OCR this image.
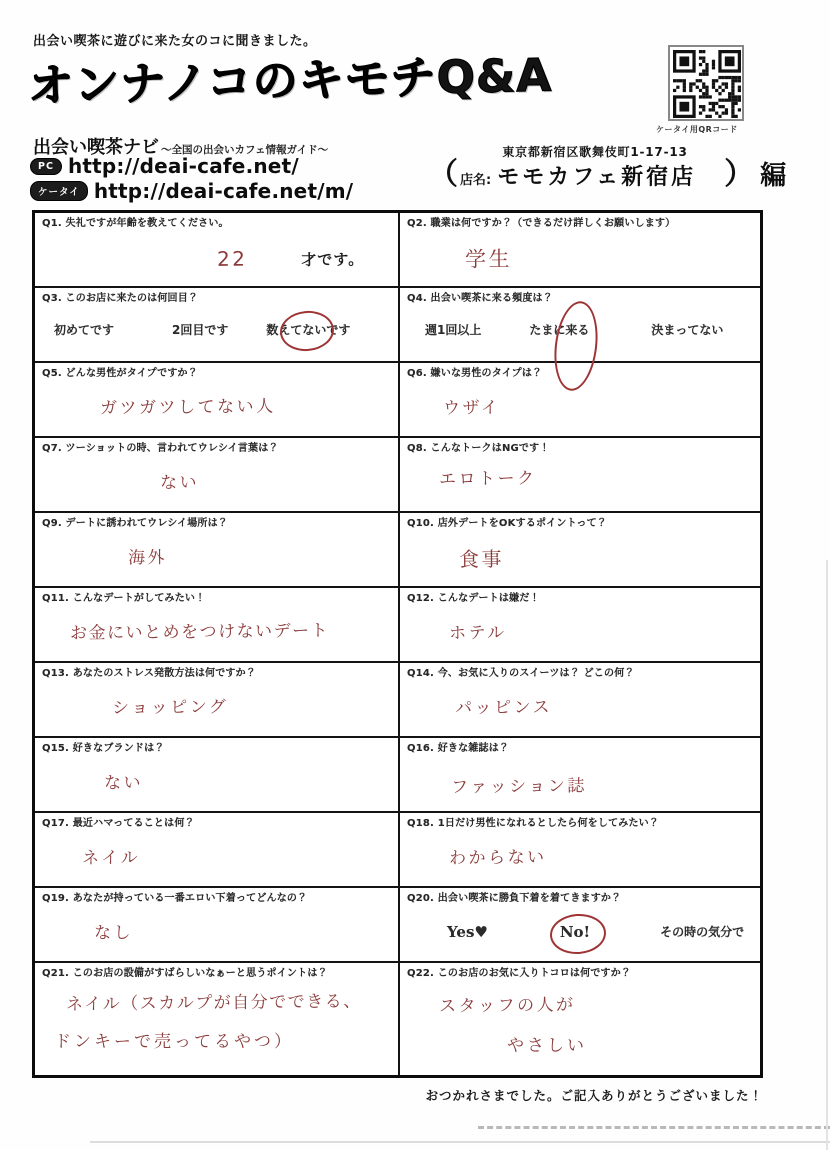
出会い喫茶に遊びに来た女のコに聞きました。
オンナノコのキモチQ&A
出会い喫茶ナビ ～全国の出会いカフェ情報ガイド～
PC http://deai-cafe.net/
ケータイ http://deai-cafe.net/m/
東京都新宿区歌舞伎町1-17-13
（ 店名: モモカフェ新宿店 ） 編
ケータイ用QRコード
Q1. 失礼ですが年齢を教えてください。
22	才です。
Q2. 職業は何ですか？（できるだけ詳しくお願いします）
学生
Q3. このお店に来たのは何回目？
初めてです	2回目です	数えてないです
Q4. 出会い喫茶に来る頻度は？
週1回以上	たまに来る	決まってない
Q5. どんな男性がタイプですか？
ガツガツしてない人
Q6. 嫌いな男性のタイプは？
ウザイ
Q7. ツーショットの時、言われてウレシイ言葉は？
ない
Q8. こんなトークはNGです！
エロトーク
Q9. デートに誘われてウレシイ場所は？
海外
Q10. 店外デートをOKするポイントって？
食事
Q11. こんなデートがしてみたい！
お金にいとめをつけないデート
Q12. こんなデートは嫌だ！
ホテル
Q13. あなたのストレス発散方法は何ですか？
ショッピング
Q14. 今、お気に入りのスイーツは？ どこの何？
パッピンス
Q15. 好きなブランドは？
ない
Q16. 好きな雑誌は？
ファッション誌
Q17. 最近ハマってることは何？
ネイル
Q18. 1日だけ男性になれるとしたら何をしてみたい？
わからない
Q19. あなたが持っている一番エロい下着ってどんなの？
なし
Q20. 出会い喫茶に勝負下着を着てきますか？
Yes♥	No!	その時の気分で
Q21. このお店の設備がすばらしいなぁーと思うポイントは？
ネイル（スカルプが自分でできる、
ドンキーで売ってるやつ）
Q22. このお店のお気に入りトコロは何ですか？
スタッフの人が
やさしい
おつかれさまでした。ご記入ありがとうございました！
